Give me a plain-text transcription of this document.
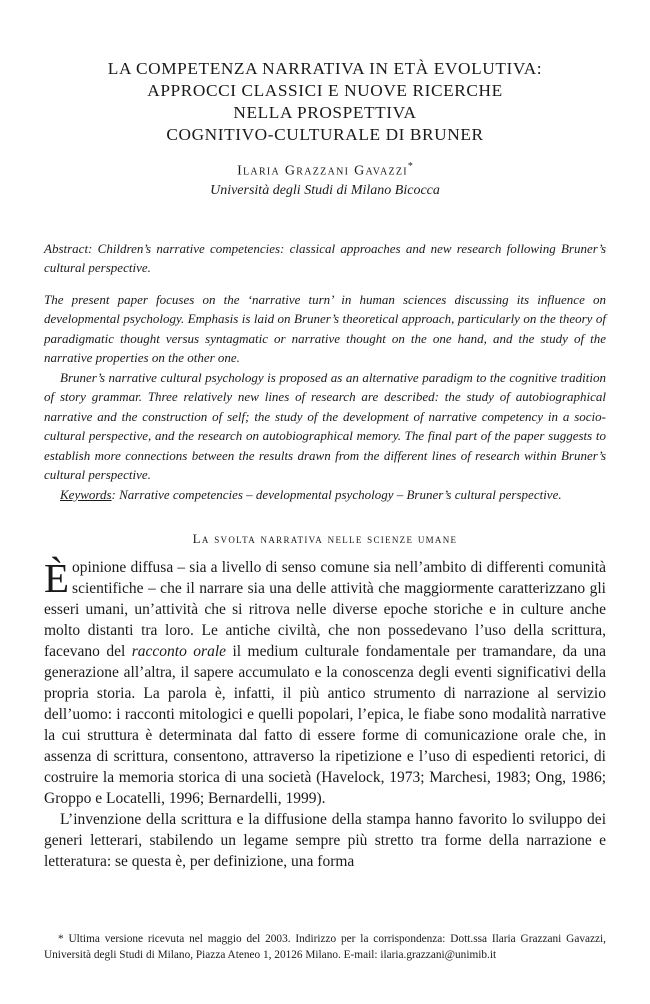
LA COMPETENZA NARRATIVA IN ETÀ EVOLUTIVA:
APPROCCI CLASSICI E NUOVE RICERCHE
NELLA PROSPETTIVA
COGNITIVO-CULTURALE DI BRUNER
Ilaria Grazzani Gavazzi*
Università degli Studi di Milano Bicocca

Abstract: Children’s narrative competencies: classical approaches and new research following Bruner’s cultural perspective.

The present paper focuses on the ‘narrative turn’ in human sciences discussing its influence on developmental psychology. Emphasis is laid on Bruner’s theoretical approach, particularly on the theory of paradigmatic thought versus syntagmatic or narrative thought on the one hand, and the study of the narrative properties on the other one.

Bruner’s narrative cultural psychology is proposed as an alternative paradigm to the cognitive tradition of story grammar. Three relatively new lines of research are described: the study of autobiographical narrative and the construction of self; the study of the development of narrative competency in a socio-cultural perspective, and the research on autobiographical memory. The final part of the paper suggests to establish more connections between the results drawn from the different lines of research within Bruner’s cultural perspective.

Keywords: Narrative competencies – developmental psychology – Bruner’s cultural perspective.

La svolta narrativa nelle scienze umane

È opinione diffusa – sia a livello di senso comune sia nell’ambito di differenti comunità scientifiche – che il narrare sia una delle attività che maggiormente caratterizzano gli esseri umani, un’attività che si ritrova nelle diverse epoche storiche e in culture anche molto distanti tra loro. Le antiche civiltà, che non possedevano l’uso della scrittura, facevano del racconto orale il medium culturale fondamentale per tramandare, da una generazione all’altra, il sapere accumulato e la conoscenza degli eventi significativi della propria storia. La parola è, infatti, il più antico strumento di narrazione al servizio dell’uomo: i racconti mitologici e quelli popolari, l’epica, le fiabe sono modalità narrative la cui struttura è determinata dal fatto di essere forme di comunicazione orale che, in assenza di scrittura, consentono, attraverso la ripetizione e l’uso di espedienti retorici, di costruire la memoria storica di una società (Havelock, 1973; Marchesi, 1983; Ong, 1986; Groppo e Locatelli, 1996; Bernardelli, 1999).

L’invenzione della scrittura e la diffusione della stampa hanno favorito lo sviluppo dei generi letterari, stabilendo un legame sempre più stretto tra forme della narrazione e letteratura: se questa è, per definizione, una forma

* Ultima versione ricevuta nel maggio del 2003. Indirizzo per la corrispondenza: Dott.ssa Ilaria Grazzani Gavazzi, Università degli Studi di Milano, Piazza Ateneo 1, 20126 Milano. E-mail: ilaria.grazzani@unimib.it
